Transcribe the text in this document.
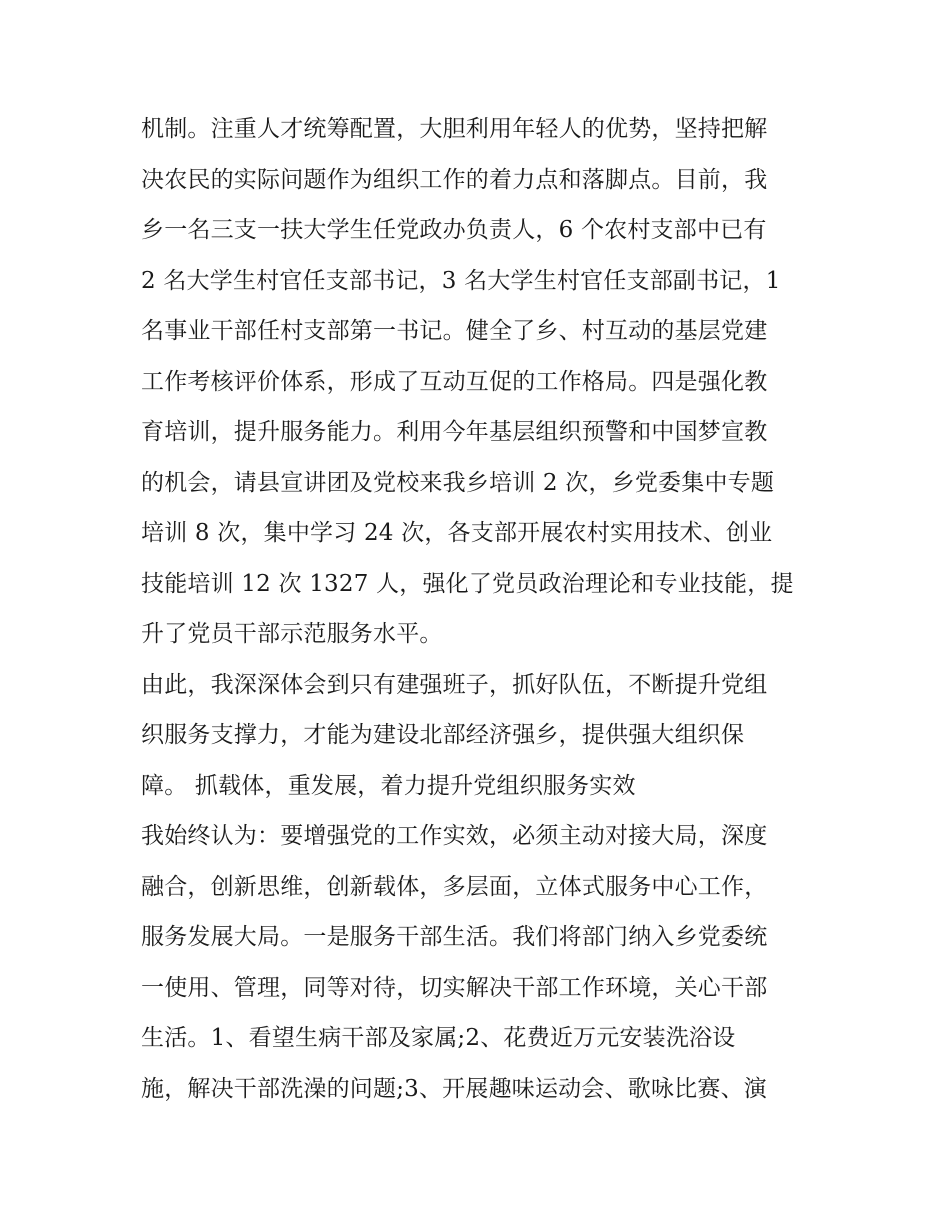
机制。注重人才统筹配置，大胆利用年轻人的优势，坚持把解
决农民的实际问题作为组织工作的着力点和落脚点。目前，我
乡一名三支一扶大学生任党政办负责人，6 个农村支部中已有
2 名大学生村官任支部书记，3 名大学生村官任支部副书记，1
名事业干部任村支部第一书记。健全了乡、村互动的基层党建
工作考核评价体系，形成了互动互促的工作格局。四是强化教
育培训，提升服务能力。利用今年基层组织预警和中国梦宣教
的机会，请县宣讲团及党校来我乡培训 2 次，乡党委集中专题
培训 8 次，集中学习 24 次，各支部开展农村实用技术、创业
技能培训 12 次 1327 人，强化了党员政治理论和专业技能，提
升了党员干部示范服务水平。
由此，我深深体会到只有建强班子，抓好队伍，不断提升党组
织服务支撑力，才能为建设北部经济强乡，提供强大组织保
障。 抓载体，重发展，着力提升党组织服务实效
我始终认为：要增强党的工作实效，必须主动对接大局，深度
融合，创新思维，创新载体，多层面，立体式服务中心工作，
服务发展大局。一是服务干部生活。我们将部门纳入乡党委统
一使用、管理，同等对待，切实解决干部工作环境，关心干部
生活。1、看望生病干部及家属;2、花费近万元安装洗浴设
施，解决干部洗澡的问题;3、开展趣味运动会、歌咏比赛、演
